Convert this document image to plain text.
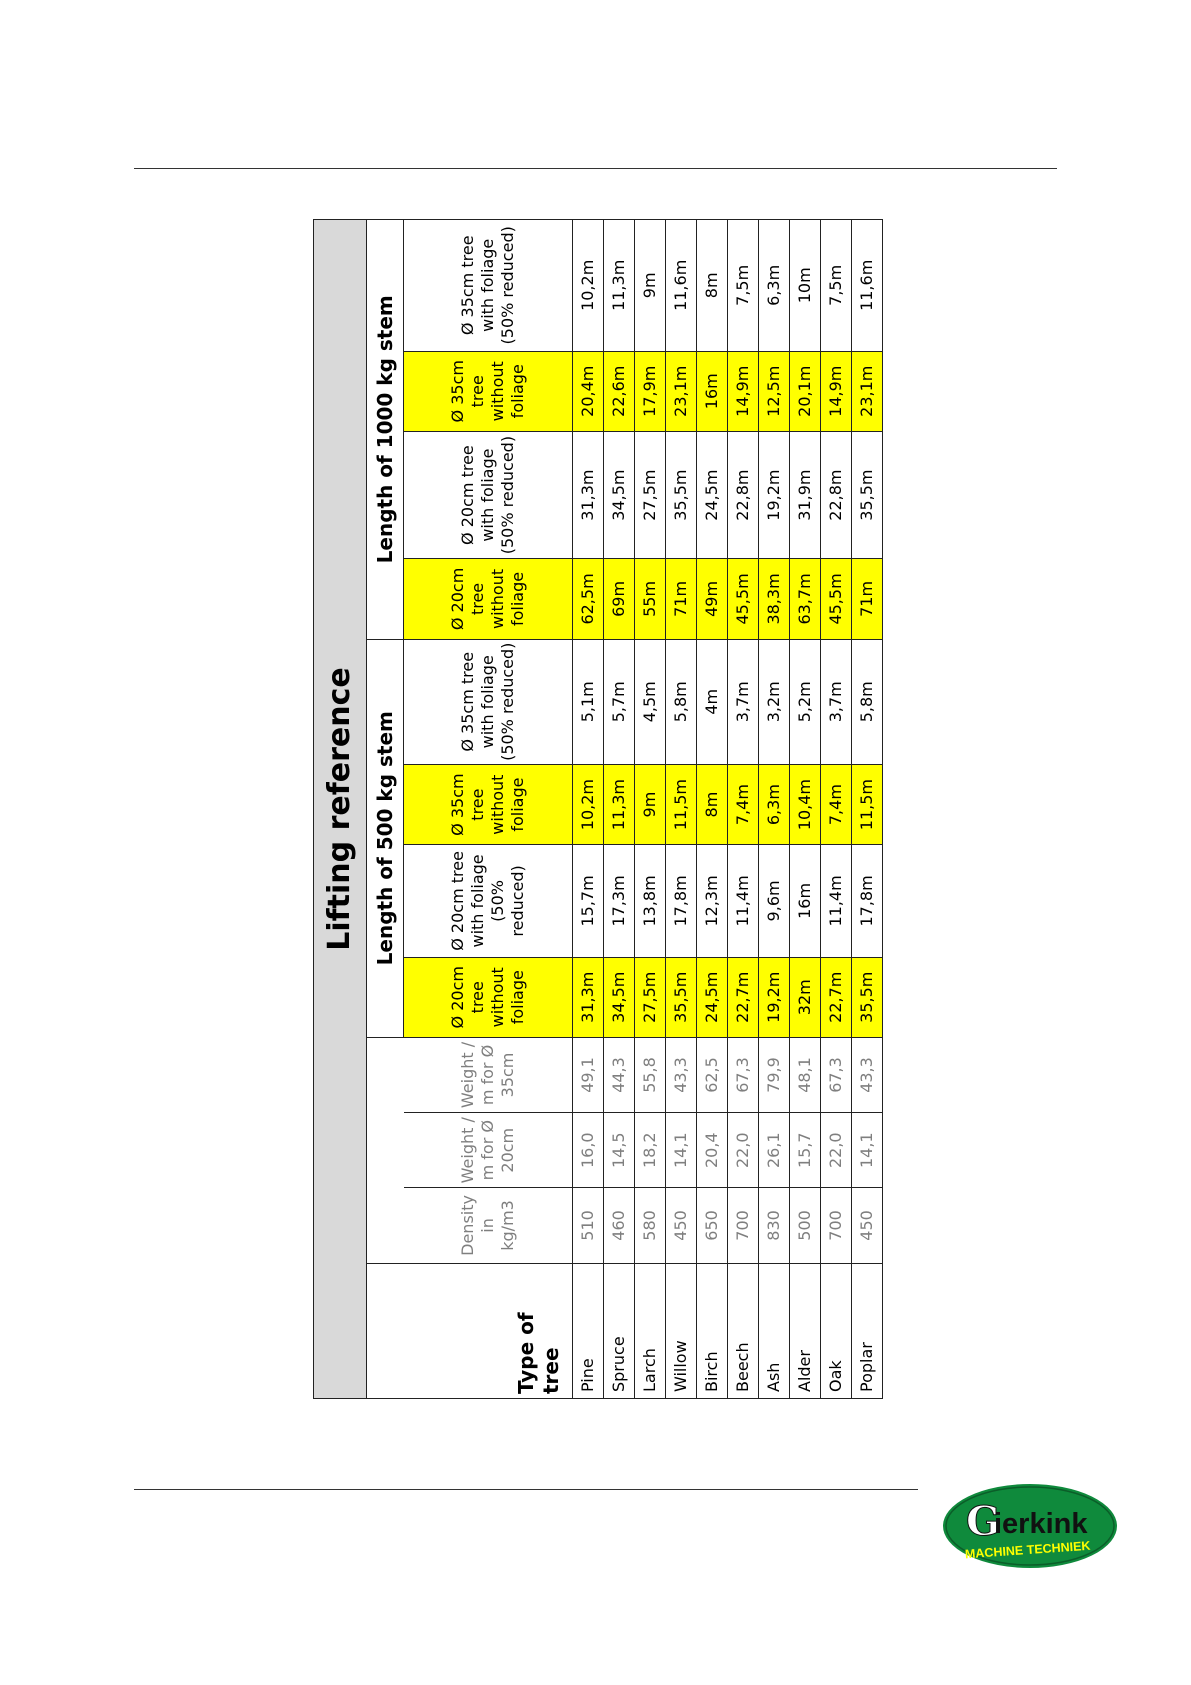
Lifting reference											
Type of tree				Length of 500 kg stem				Length of 1000 kg stem			
	Density in kg/m3	Weight / m for Ø 20cm	Weight / m for Ø 35cm	Ø 20cm tree without foliage	Ø 20cm tree with foliage (50% reduced)	Ø 35cm tree without foliage	Ø 35cm tree with foliage (50% reduced)	Ø 20cm tree without foliage	Ø 20cm tree with foliage (50% reduced)	Ø 35cm tree without foliage	Ø 35cm tree with foliage (50% reduced)
Pine	510	16,0	49,1	31,3m	15,7m	10,2m	5,1m	62,5m	31,3m	20,4m	10,2m
Spruce	460	14,5	44,3	34,5m	17,3m	11,3m	5,7m	69m	34,5m	22,6m	11,3m
Larch	580	18,2	55,8	27,5m	13,8m	9m	4,5m	55m	27,5m	17,9m	9m
Willow	450	14,1	43,3	35,5m	17,8m	11,5m	5,8m	71m	35,5m	23,1m	11,6m
Birch	650	20,4	62,5	24,5m	12,3m	8m	4m	49m	24,5m	16m	8m
Beech	700	22,0	67,3	22,7m	11,4m	7,4m	3,7m	45,5m	22,8m	14,9m	7,5m
Ash	830	26,1	79,9	19,2m	9,6m	6,3m	3,2m	38,3m	19,2m	12,5m	6,3m
Alder	500	15,7	48,1	32m	16m	10,4m	5,2m	63,7m	31,9m	20,1m	10m
Oak	700	22,0	67,3	22,7m	11,4m	7,4m	3,7m	45,5m	22,8m	14,9m	7,5m
Poplar	450	14,1	43,3	35,5m	17,8m	11,5m	5,8m	71m	35,5m	23,1m	11,6m
G
ierkink
MACHINE TECHNIEK
